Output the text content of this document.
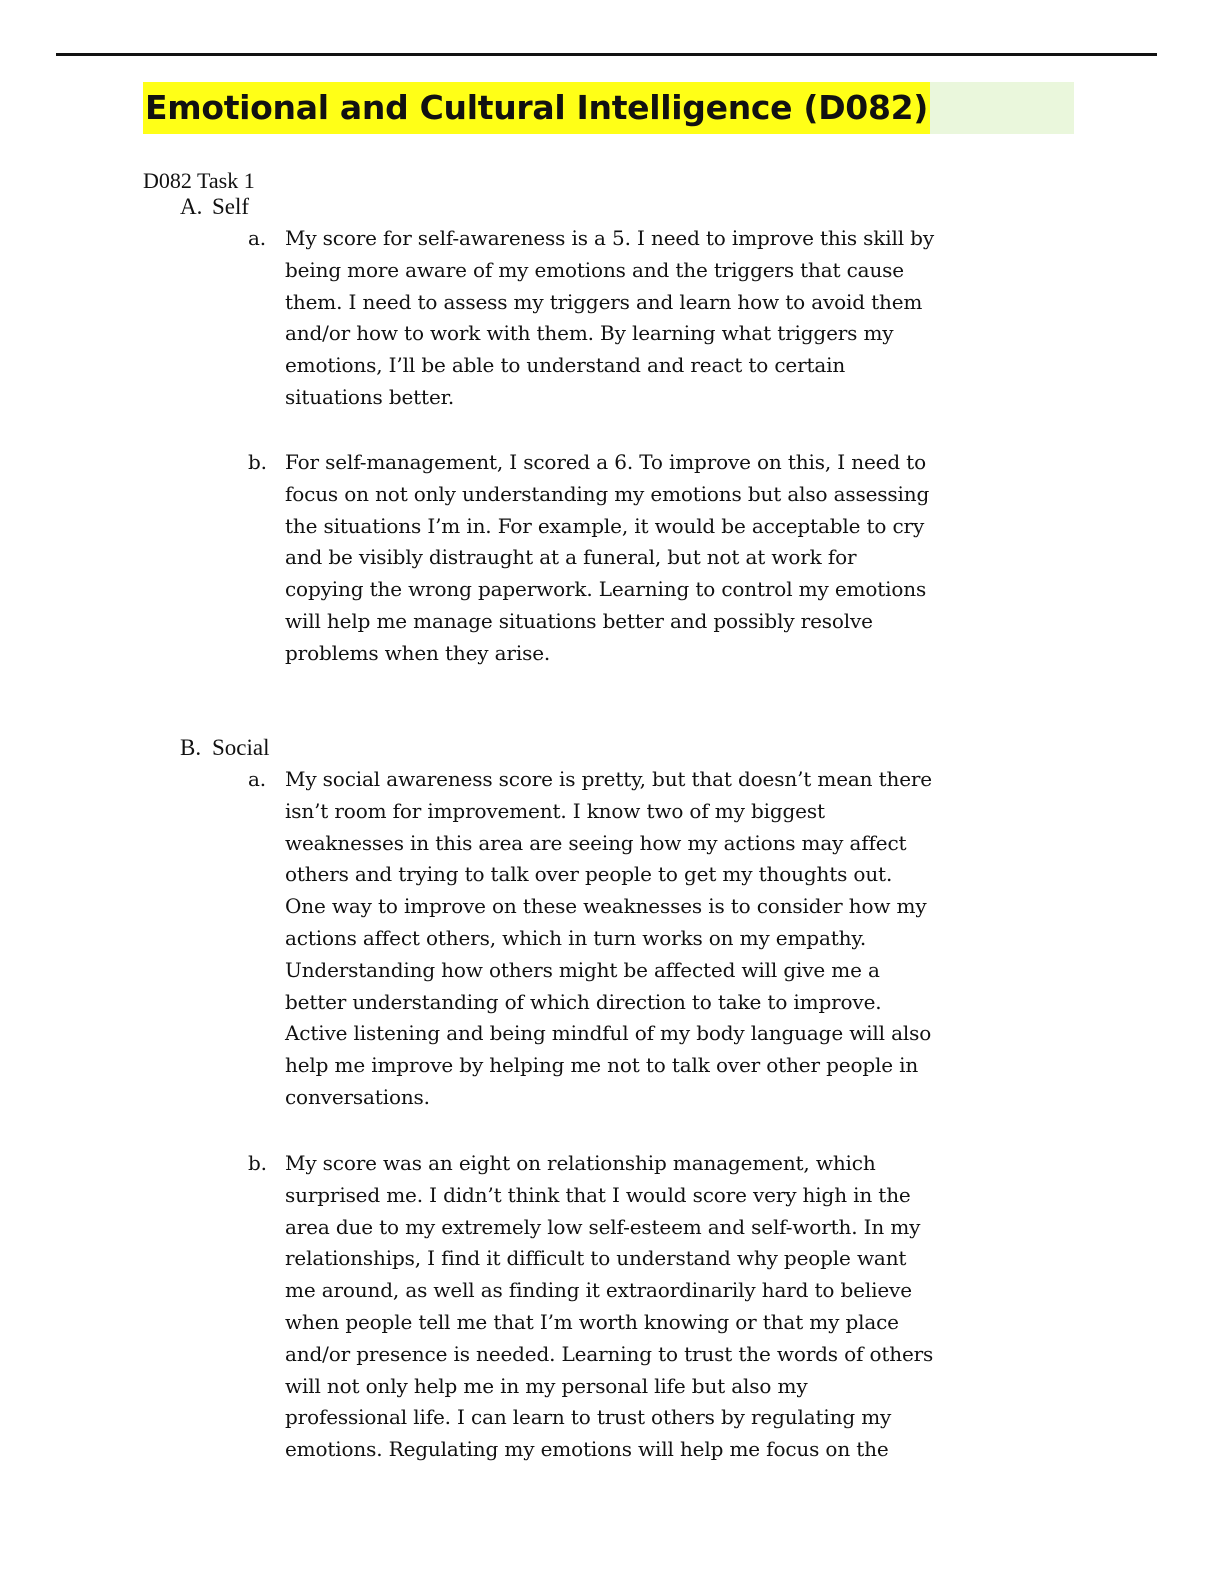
Emotional and Cultural Intelligence (D082)
D082 Task 1
A. Self
a. My score for self-awareness is a 5. I need to improve this skill by
being more aware of my emotions and the triggers that cause
them. I need to assess my triggers and learn how to avoid them
and/or how to work with them. By learning what triggers my
emotions, I’ll be able to understand and react to certain
situations better.
b. For self-management, I scored a 6. To improve on this, I need to
focus on not only understanding my emotions but also assessing
the situations I’m in. For example, it would be acceptable to cry
and be visibly distraught at a funeral, but not at work for
copying the wrong paperwork. Learning to control my emotions
will help me manage situations better and possibly resolve
problems when they arise.
B. Social
a. My social awareness score is pretty, but that doesn’t mean there
isn’t room for improvement. I know two of my biggest
weaknesses in this area are seeing how my actions may affect
others and trying to talk over people to get my thoughts out.
One way to improve on these weaknesses is to consider how my
actions affect others, which in turn works on my empathy.
Understanding how others might be affected will give me a
better understanding of which direction to take to improve.
Active listening and being mindful of my body language will also
help me improve by helping me not to talk over other people in
conversations.
b. My score was an eight on relationship management, which
surprised me. I didn’t think that I would score very high in the
area due to my extremely low self-esteem and self-worth. In my
relationships, I find it difficult to understand why people want
me around, as well as finding it extraordinarily hard to believe
when people tell me that I’m worth knowing or that my place
and/or presence is needed. Learning to trust the words of others
will not only help me in my personal life but also my
professional life. I can learn to trust others by regulating my
emotions. Regulating my emotions will help me focus on the
